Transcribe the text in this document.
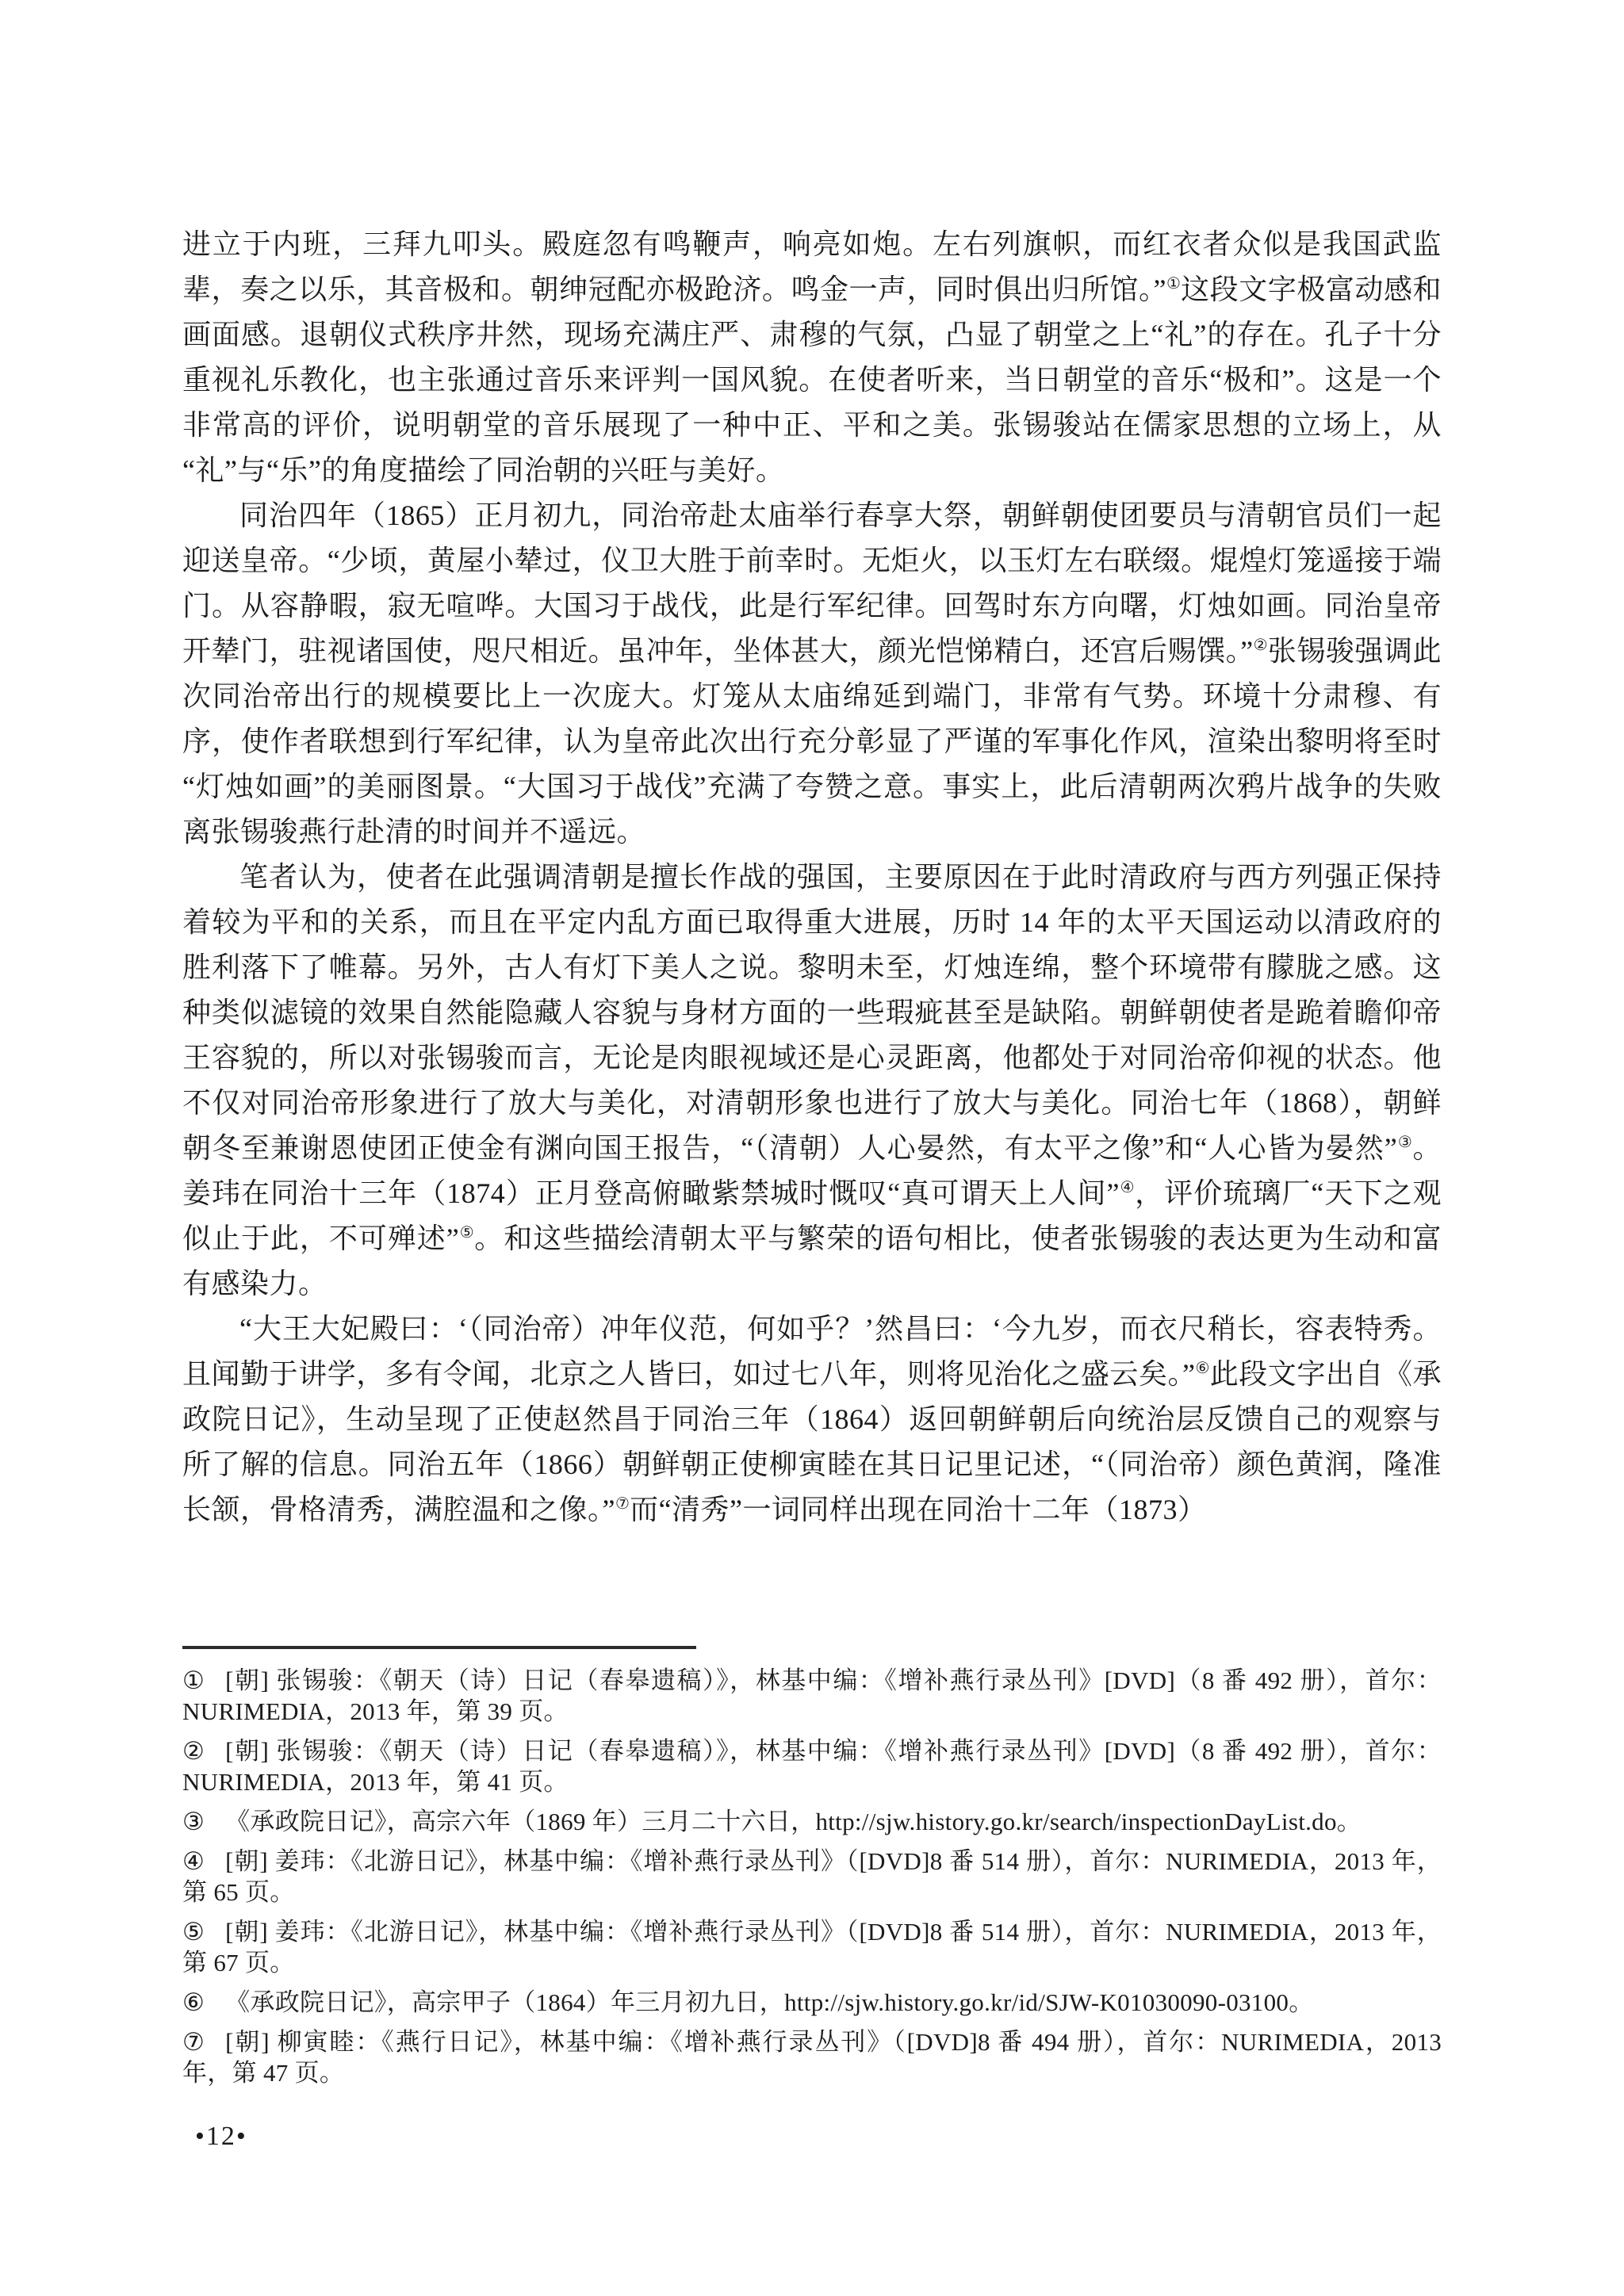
进立于内班，三拜九叩头。殿庭忽有鸣鞭声，响亮如炮。左右列旗帜，而红衣者众似是我国武监辈，奏之以乐，其音极和。朝绅冠配亦极跄济。鸣金一声，同时俱出归所馆。”①这段文字极富动感和画面感。退朝仪式秩序井然，现场充满庄严、肃穆的气氛，凸显了朝堂之上“礼”的存在。孔子十分重视礼乐教化，也主张通过音乐来评判一国风貌。在使者听来，当日朝堂的音乐“极和”。这是一个非常高的评价，说明朝堂的音乐展现了一种中正、平和之美。张锡骏站在儒家思想的立场上，从“礼”与“乐”的角度描绘了同治朝的兴旺与美好。

同治四年（1865）正月初九，同治帝赴太庙举行春享大祭，朝鲜朝使团要员与清朝官员们一起迎送皇帝。“少顷，黄屋小辇过，仪卫大胜于前幸时。无炬火，以玉灯左右联缀。焜煌灯笼遥接于端门。从容静暇，寂无喧哗。大国习于战伐，此是行军纪律。回驾时东方向曙，灯烛如画。同治皇帝开辇门，驻视诸国使，咫尺相近。虽冲年，坐体甚大，颜光恺悌精白，还宫后赐馔。”②张锡骏强调此次同治帝出行的规模要比上一次庞大。灯笼从太庙绵延到端门，非常有气势。环境十分肃穆、有序，使作者联想到行军纪律，认为皇帝此次出行充分彰显了严谨的军事化作风，渲染出黎明将至时“灯烛如画”的美丽图景。“大国习于战伐”充满了夸赞之意。事实上，此后清朝两次鸦片战争的失败离张锡骏燕行赴清的时间并不遥远。

笔者认为，使者在此强调清朝是擅长作战的强国，主要原因在于此时清政府与西方列强正保持着较为平和的关系，而且在平定内乱方面已取得重大进展，历时 14 年的太平天国运动以清政府的胜利落下了帷幕。另外，古人有灯下美人之说。黎明未至，灯烛连绵，整个环境带有朦胧之感。这种类似滤镜的效果自然能隐藏人容貌与身材方面的一些瑕疵甚至是缺陷。朝鲜朝使者是跪着瞻仰帝王容貌的，所以对张锡骏而言，无论是肉眼视域还是心灵距离，他都处于对同治帝仰视的状态。他不仅对同治帝形象进行了放大与美化，对清朝形象也进行了放大与美化。同治七年（1868），朝鲜朝冬至兼谢恩使团正使金有渊向国王报告，“（清朝）人心晏然，有太平之像”和“人心皆为晏然”③。姜玮在同治十三年（1874）正月登高俯瞰紫禁城时慨叹“真可谓天上人间”④，评价琉璃厂“天下之观似止于此，不可殚述”⑤。和这些描绘清朝太平与繁荣的语句相比，使者张锡骏的表达更为生动和富有感染力。

“大王大妃殿曰：‘（同治帝）冲年仪范，何如乎？’然昌曰：‘今九岁，而衣尺稍长，容表特秀。且闻勤于讲学，多有令闻，北京之人皆曰，如过七八年，则将见治化之盛云矣。”⑥此段文字出自《承政院日记》，生动呈现了正使赵然昌于同治三年（1864）返回朝鲜朝后向统治层反馈自己的观察与所了解的信息。同治五年（1866）朝鲜朝正使柳寅睦在其日记里记述，“（同治帝）颜色黄润，隆准长颔，骨格清秀，满腔温和之像。”⑦而“清秀”一词同样出现在同治十二年（1873）

① [朝] 张锡骏：《朝天（诗）日记（春皋遗稿）》，林基中编：《增补燕行录丛刊》[DVD]（8 番 492 册），首尔：NURIMEDIA，2013 年，第 39 页。

② [朝] 张锡骏：《朝天（诗）日记（春皋遗稿）》，林基中编：《增补燕行录丛刊》[DVD]（8 番 492 册），首尔：NURIMEDIA，2013 年，第 41 页。

③ 《承政院日记》，高宗六年（1869 年）三月二十六日，http://sjw.history.go.kr/search/inspectionDayList.do。

④ [朝] 姜玮：《北游日记》，林基中编：《增补燕行录丛刊》（[DVD]8 番 514 册），首尔：NURIMEDIA，2013 年，第 65 页。

⑤ [朝] 姜玮：《北游日记》，林基中编：《增补燕行录丛刊》（[DVD]8 番 514 册），首尔：NURIMEDIA，2013 年，第 67 页。

⑥ 《承政院日记》，高宗甲子（1864）年三月初九日，http://sjw.history.go.kr/id/SJW-K01030090-03100。

⑦ [朝] 柳寅睦：《燕行日记》，林基中编：《增补燕行录丛刊》（[DVD]8 番 494 册），首尔：NURIMEDIA，2013 年，第 47 页。

•12•
